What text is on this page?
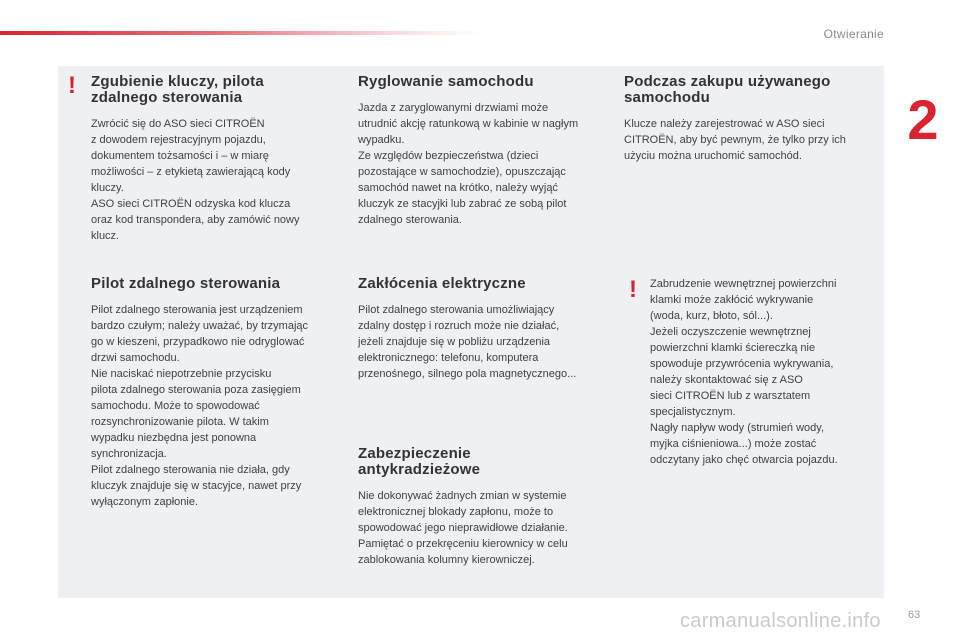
Otwieranie
2
! Zgubienie kluczy, pilota zdalnego sterowania

Zwrócić się do ASO sieci CITROËN
z dowodem rejestracyjnym pojazdu,
dokumentem tożsamości i – w miarę
możliwości – z etykietą zawierającą kody
kluczy.
ASO sieci CITROËN odzyska kod klucza
oraz kod transpondera, aby zamówić nowy
klucz.

Pilot zdalnego sterowania

Pilot zdalnego sterowania jest urządzeniem
bardzo czułym; należy uważać, by trzymając
go w kieszeni, przypadkowo nie odryglować
drzwi samochodu.
Nie naciskać niepotrzebnie przycisku
pilota zdalnego sterowania poza zasięgiem
samochodu. Może to spowodować
rozsynchronizowanie pilota. W takim
wypadku niezbędna jest ponowna
synchronizacja.
Pilot zdalnego sterowania nie działa, gdy
kluczyk znajduje się w stacyjce, nawet przy
wyłączonym zapłonie.

Ryglowanie samochodu

Jazda z zaryglowanymi drzwiami może
utrudnić akcję ratunkową w kabinie w nagłym
wypadku.
Ze względów bezpieczeństwa (dzieci
pozostające w samochodzie), opuszczając
samochód nawet na krótko, należy wyjąć
kluczyk ze stacyjki lub zabrać ze sobą pilot
zdalnego sterowania.

Zakłócenia elektryczne

Pilot zdalnego sterowania umożliwiający
zdalny dostęp i rozruch może nie działać,
jeżeli znajduje się w pobliżu urządzenia
elektronicznego: telefonu, komputera
przenośnego, silnego pola magnetycznego...

Zabezpieczenie antykradzieżowe

Nie dokonywać żadnych zmian w systemie
elektronicznej blokady zapłonu, może to
spowodować jego nieprawidłowe działanie.
Pamiętać o przekręceniu kierownicy w celu
zablokowania kolumny kierowniczej.

Podczas zakupu używanego samochodu

Klucze należy zarejestrować w ASO sieci
CITROËN, aby być pewnym, że tylko przy ich
użyciu można uruchomić samochód.

! Zabrudzenie wewnętrznej powierzchni
klamki może zakłócić wykrywanie
(woda, kurz, błoto, sól...).
Jeżeli oczyszczenie wewnętrznej
powierzchni klamki ściereczką nie
spowoduje przywrócenia wykrywania,
należy skontaktować się z ASO
sieci CITROËN lub z warsztatem
specjalistycznym.
Nagły napływ wody (strumień wody,
myjka ciśnieniowa...) może zostać
odczytany jako chęć otwarcia pojazdu.

carmanualsonline.info 63
